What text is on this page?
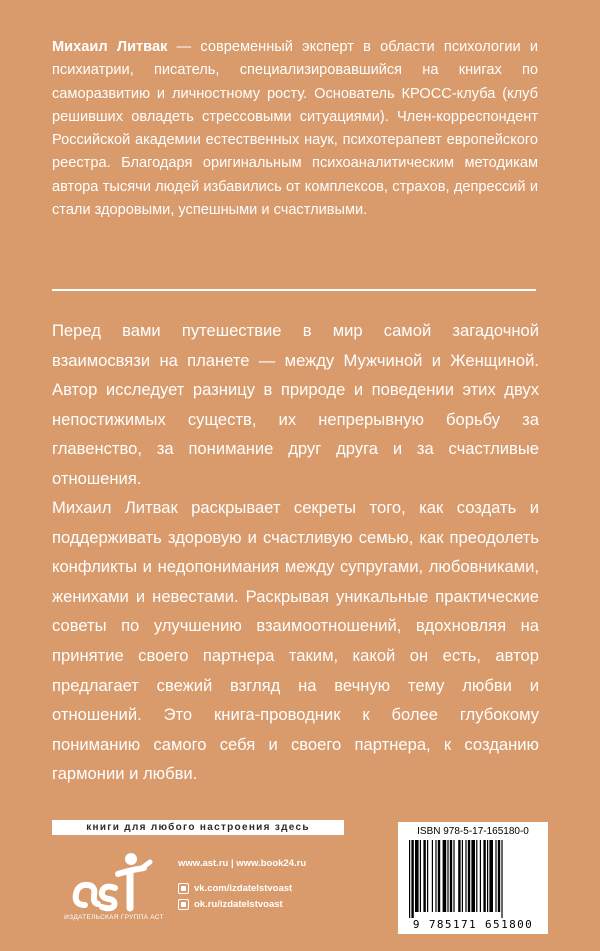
Михаил Литвак — современный эксперт в области психологии и психиатрии, писатель, специализировавшийся на книгах по саморазвитию и личностному росту. Основатель КРОСС-клуба (клуб решивших овладеть стрессовыми ситуациями). Член-корреспондент Российской академии естественных наук, психотерапевт европейского реестра. Благодаря оригинальным психоаналитическим методикам автора тысячи людей избавились от комплексов, страхов, депрессий и стали здоровыми, успешными и счастливыми.
Перед вами путешествие в мир самой загадочной взаимосвязи на планете — между Мужчиной и Женщиной. Автор исследует разницу в природе и поведении этих двух непостижимых существ, их непрерывную борьбу за главенство, за понимание друг друга и за счастливые отношения.
Михаил Литвак раскрывает секреты того, как создать и поддерживать здоровую и счастливую семью, как преодолеть конфликты и недопонимания между супругами, любовниками, женихами и невестами. Раскрывая уникальные практические советы по улучшению взаимоотношений, вдохновляя на принятие своего партнера таким, какой он есть, автор предлагает свежий взгляд на вечную тему любви и отношений. Это книга-проводник к более глубокому пониманию самого себя и своего партнера, к созданию гармонии и любви.
книги для любого настроения здесь
ИЗДАТЕЛЬСКАЯ ГРУППА АСТ
www.ast.ru | www.book24.ru
vk.com/izdatelstvoast
ok.ru/izdatelstvoast
ISBN 978-5-17-165180-0
9 785171 651800
